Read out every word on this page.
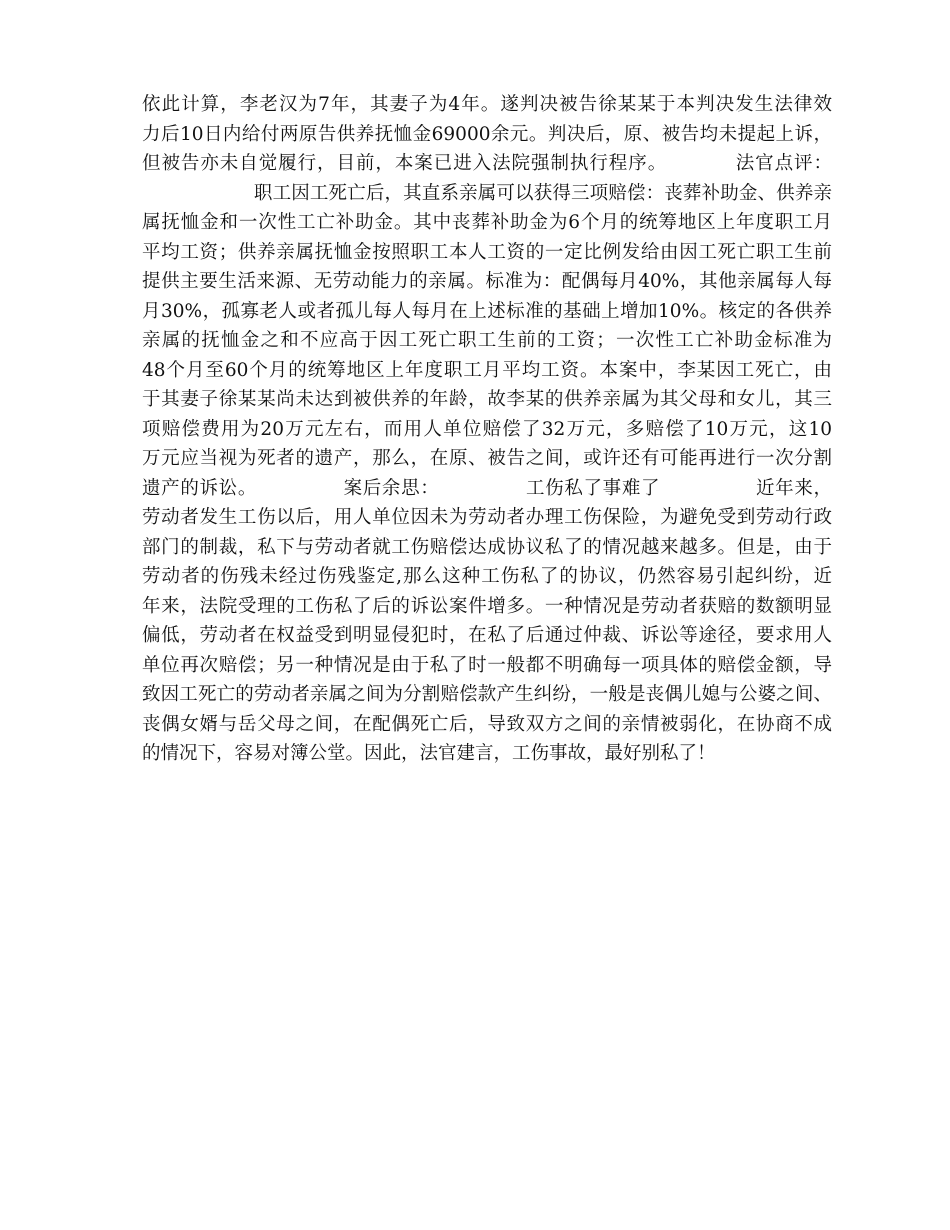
依此计算，李老汉为7年，其妻子为4年。遂判决被告徐某某于本判决发生法律效
力后10日内给付两原告供养抚恤金69000余元。判决后，原、被告均未提起上诉，
但被告亦未自觉履行，目前，本案已进入法院强制执行程序。　　　　法官点评：
　　　　　　职工因工死亡后，其直系亲属可以获得三项赔偿：丧葬补助金、供养亲
属抚恤金和一次性工亡补助金。其中丧葬补助金为6个月的统筹地区上年度职工月
平均工资；供养亲属抚恤金按照职工本人工资的一定比例发给由因工死亡职工生前
提供主要生活来源、无劳动能力的亲属。标准为：配偶每月40%，其他亲属每人每
月30%，孤寡老人或者孤儿每人每月在上述标准的基础上增加10%。核定的各供养
亲属的抚恤金之和不应高于因工死亡职工生前的工资；一次性工亡补助金标准为
48个月至60个月的统筹地区上年度职工月平均工资。本案中，李某因工死亡，由
于其妻子徐某某尚未达到被供养的年龄，故李某的供养亲属为其父母和女儿，其三
项赔偿费用为20万元左右，而用人单位赔偿了32万元，多赔偿了10万元，这10
万元应当视为死者的遗产，那么，在原、被告之间，或许还有可能再进行一次分割
遗产的诉讼。　　　　　案后余思：　　　　　工伤私了事难了　　　　　近年来，
劳动者发生工伤以后，用人单位因未为劳动者办理工伤保险，为避免受到劳动行政
部门的制裁，私下与劳动者就工伤赔偿达成协议私了的情况越来越多。但是，由于
劳动者的伤残未经过伤残鉴定,那么这种工伤私了的协议，仍然容易引起纠纷，近
年来，法院受理的工伤私了后的诉讼案件增多。一种情况是劳动者获赔的数额明显
偏低，劳动者在权益受到明显侵犯时，在私了后通过仲裁、诉讼等途径，要求用人
单位再次赔偿；另一种情况是由于私了时一般都不明确每一项具体的赔偿金额，导
致因工死亡的劳动者亲属之间为分割赔偿款产生纠纷，一般是丧偶儿媳与公婆之间、
丧偶女婿与岳父母之间，在配偶死亡后，导致双方之间的亲情被弱化，在协商不成
的情况下，容易对簿公堂。因此，法官建言，工伤事故，最好别私了！
